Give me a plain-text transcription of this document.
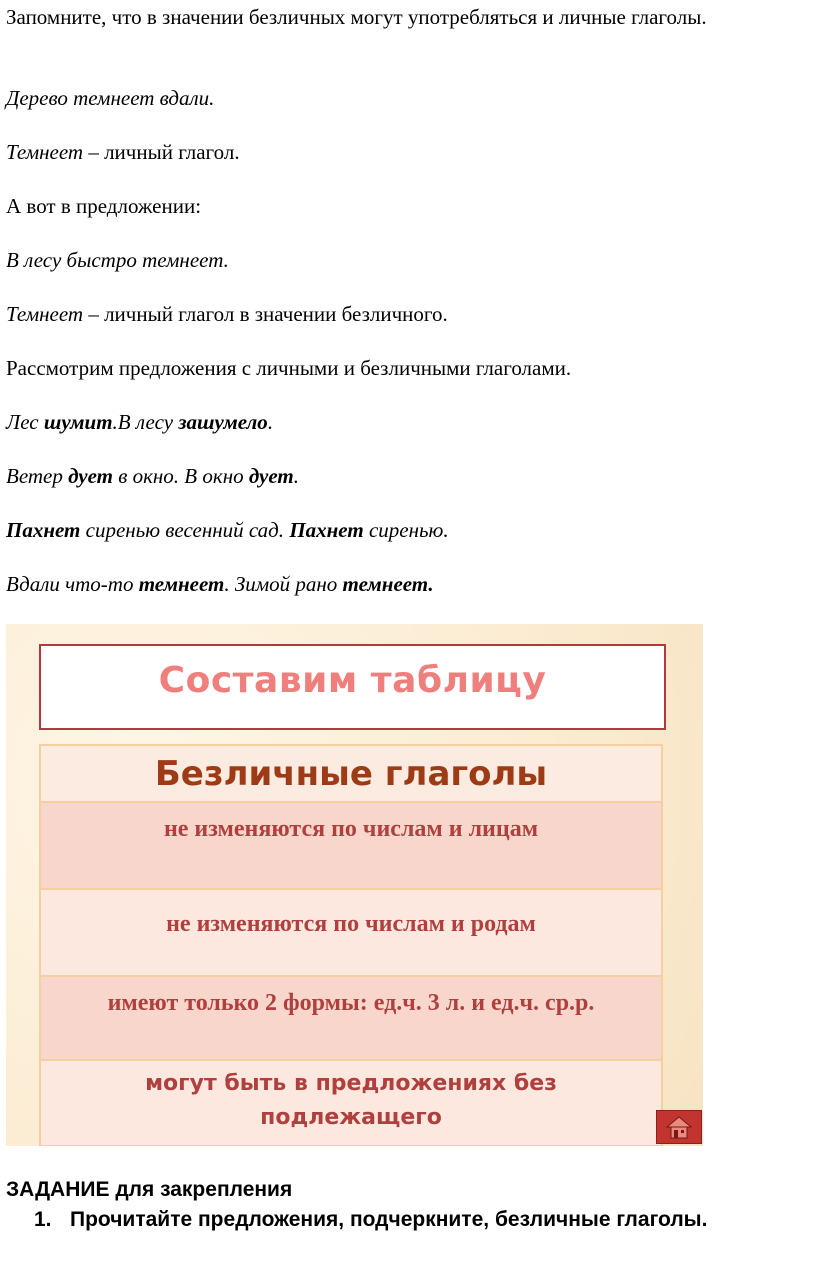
Запомните, что в значении безличных могут употребляться и личные глаголы.

Дерево темнеет вдали.

Темнеет – личный глагол.

А вот в предложении:

В лесу быстро темнеет.

Темнеет – личный глагол в значении безличного.

Рассмотрим предложения с личными и безличными глаголами.

Лес шумит.В лесу зашумело.

Ветер дует в окно. В окно дует.

Пахнет сиренью весенний сад. Пахнет сиренью.

Вдали что-то темнеет. Зимой рано темнеет.

Составим таблицу
Безличные глаголы
не изменяются по числам и лицам
не изменяются по числам и родам
имеют только 2 формы: ед.ч. 3 л. и ед.ч. ср.р.
могут быть в предложениях без подлежащего
ЗАДАНИЕ для закрепления
1. Прочитайте предложения, подчеркните, безличные глаголы.
